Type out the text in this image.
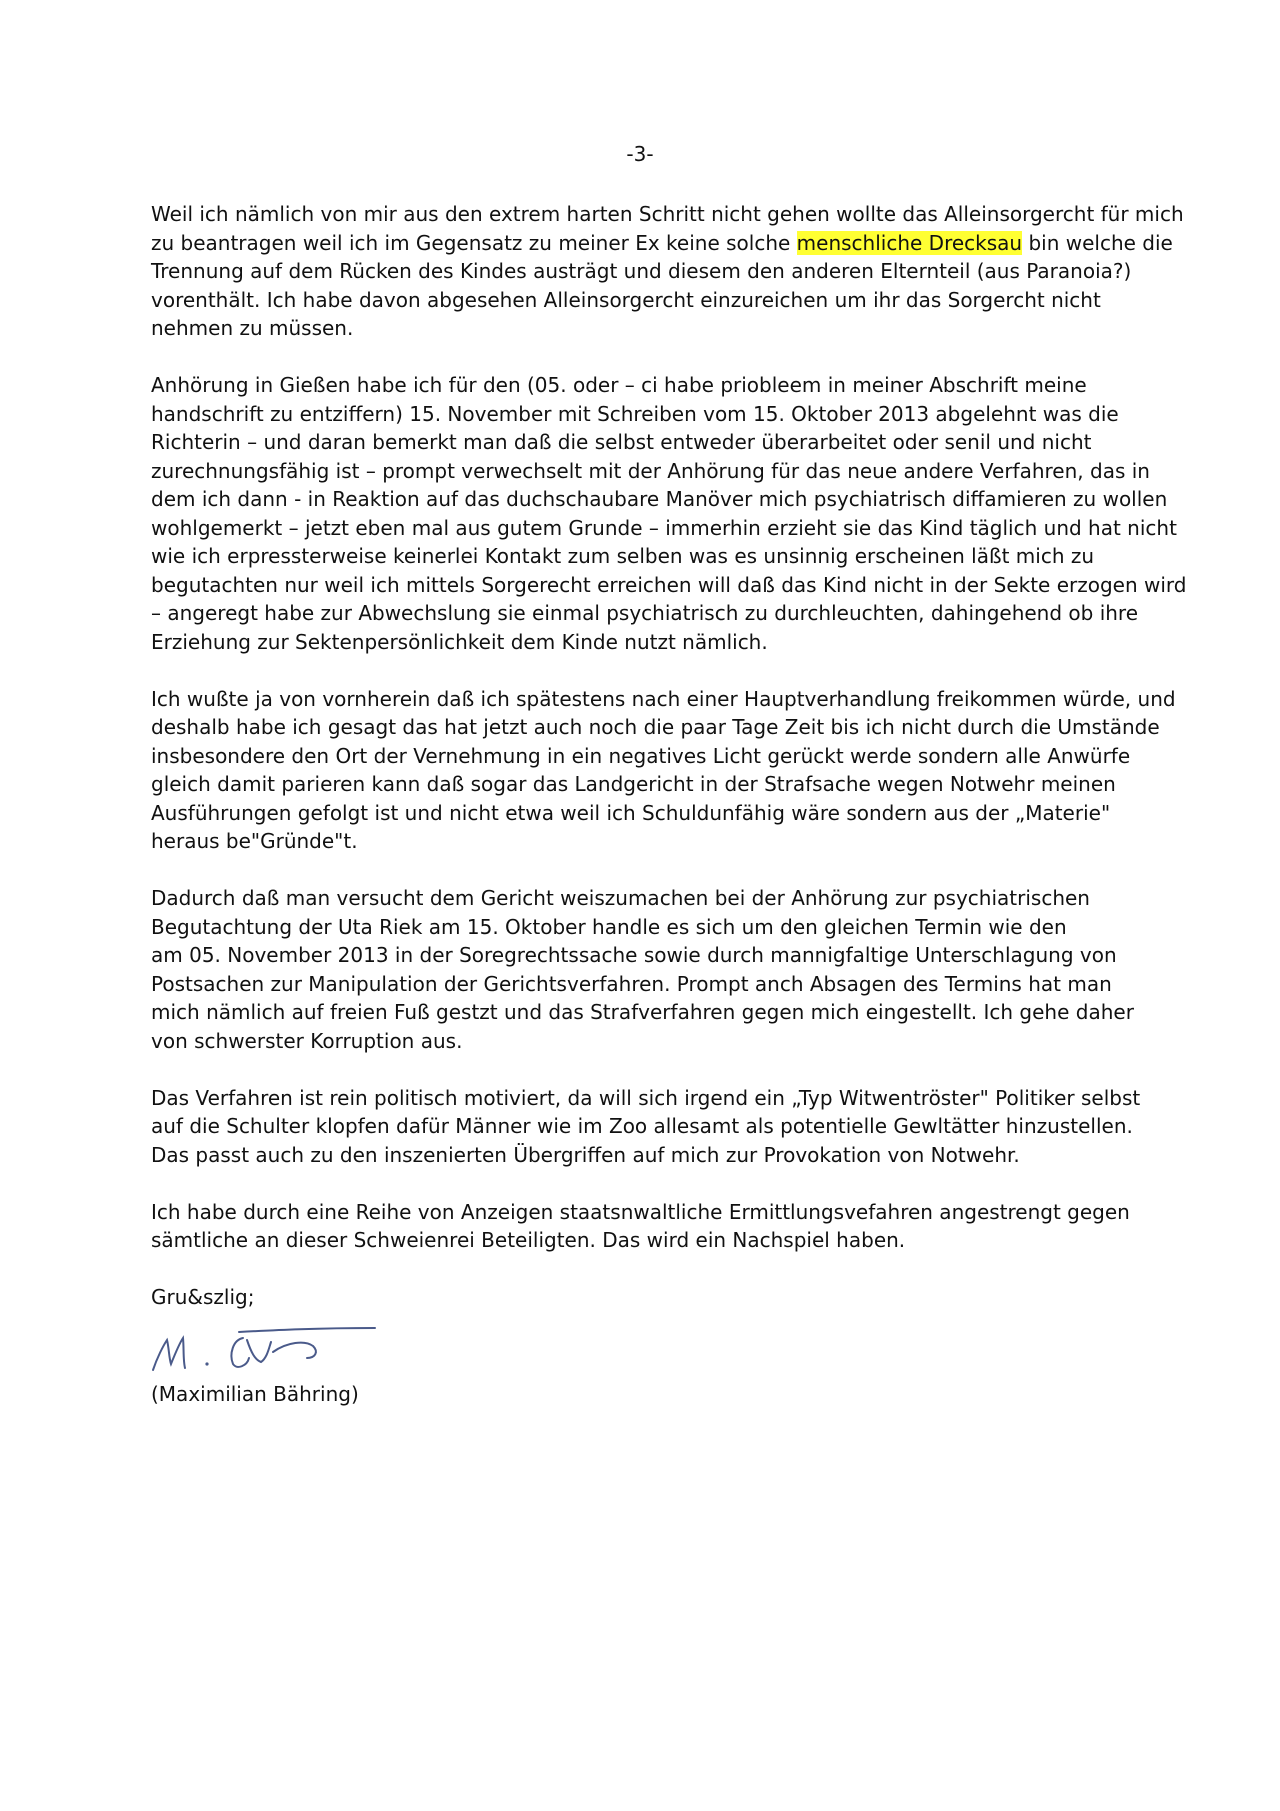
-3-

Weil ich nämlich von mir aus den extrem harten Schritt nicht gehen wollte das Alleinsorgercht für mich
zu beantragen weil ich im Gegensatz zu meiner Ex keine solche menschliche Drecksau bin welche die
Trennung auf dem Rücken des Kindes austrägt und diesem den anderen Elternteil (aus Paranoia?)
vorenthält. Ich habe davon abgesehen Alleinsorgercht einzureichen um ihr das Sorgercht nicht
nehmen zu müssen.

Anhörung in Gießen habe ich für den (05. oder – ci habe priobleem in meiner Abschrift meine
handschrift zu entziffern) 15. November mit Schreiben vom 15. Oktober 2013 abgelehnt was die
Richterin – und daran bemerkt man daß die selbst entweder überarbeitet oder senil und nicht
zurechnungsfähig ist – prompt verwechselt mit der Anhörung für das neue andere Verfahren, das in
dem ich dann - in Reaktion auf das duchschaubare Manöver mich psychiatrisch diffamieren zu wollen
wohlgemerkt – jetzt eben mal aus gutem Grunde – immerhin erzieht sie das Kind täglich und hat nicht
wie ich erpressterweise keinerlei Kontakt zum selben was es unsinnig erscheinen läßt mich zu
begutachten nur weil ich mittels Sorgerecht erreichen will daß das Kind nicht in der Sekte erzogen wird
– angeregt habe zur Abwechslung sie einmal psychiatrisch zu durchleuchten, dahingehend ob ihre
Erziehung zur Sektenpersönlichkeit dem Kinde nutzt nämlich.

Ich wußte ja von vornherein daß ich spätestens nach einer Hauptverhandlung freikommen würde, und
deshalb habe ich gesagt das hat jetzt auch noch die paar Tage Zeit bis ich nicht durch die Umstände
insbesondere den Ort der Vernehmung in ein negatives Licht gerückt werde sondern alle Anwürfe
gleich damit parieren kann daß sogar das Landgericht in der Strafsache wegen Notwehr meinen
Ausführungen gefolgt ist und nicht etwa weil ich Schuldunfähig wäre sondern aus der „Materie"
heraus be"Gründe"t.

Dadurch daß man versucht dem Gericht weiszumachen bei der Anhörung zur psychiatrischen
Begutachtung der Uta Riek am 15. Oktober handle es sich um den gleichen Termin wie den
am 05. November 2013 in der Soregrechtssache sowie durch mannigfaltige Unterschlagung von
Postsachen zur Manipulation der Gerichtsverfahren. Prompt anch Absagen des Termins hat man
mich nämlich auf freien Fuß gestzt und das Strafverfahren gegen mich eingestellt. Ich gehe daher
von schwerster Korruption aus.

Das Verfahren ist rein politisch motiviert, da will sich irgend ein „Typ Witwentröster" Politiker selbst
auf die Schulter klopfen dafür Männer wie im Zoo allesamt als potentielle Gewltätter hinzustellen.
Das passt auch zu den inszenierten Übergriffen auf mich zur Provokation von Notwehr.

Ich habe durch eine Reihe von Anzeigen staatsnwaltliche Ermittlungsvefahren angestrengt gegen
sämtliche an dieser Schweienrei Beteiligten. Das wird ein Nachspiel haben.

Gru&szlig;

(Maximilian Bähring)
